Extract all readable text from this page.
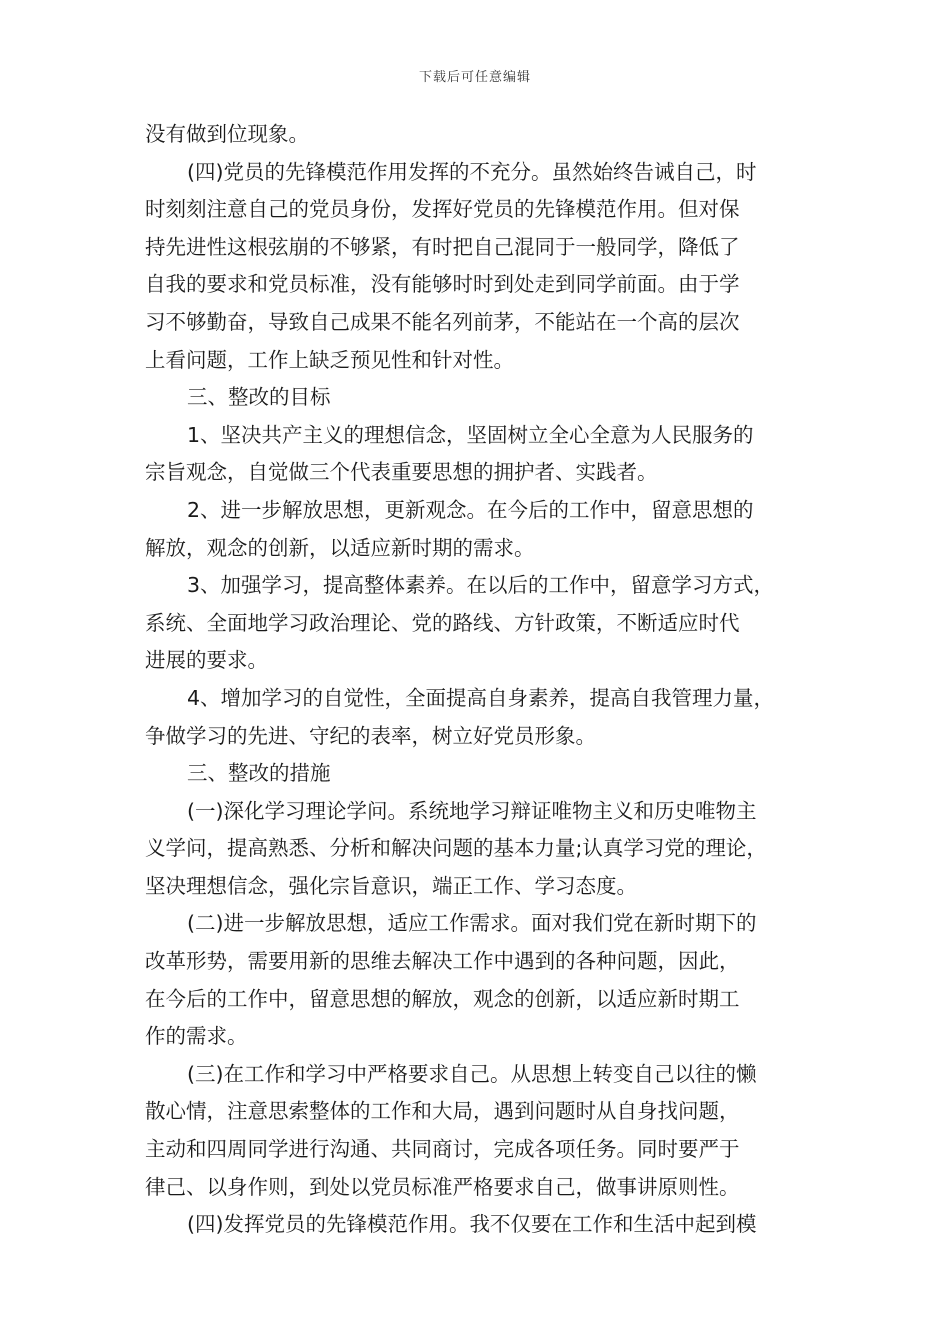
下载后可任意编辑
没有做到位现象。
(四)党员的先锋模范作用发挥的不充分。虽然始终告诫自己，时
时刻刻注意自己的党员身份，发挥好党员的先锋模范作用。但对保
持先进性这根弦崩的不够紧，有时把自己混同于一般同学，降低了
自我的要求和党员标准，没有能够时时到处走到同学前面。由于学
习不够勤奋，导致自己成果不能名列前茅，不能站在一个高的层次
上看问题，工作上缺乏预见性和针对性。
三、整改的目标
1、坚决共产主义的理想信念，坚固树立全心全意为人民服务的
宗旨观念，自觉做三个代表重要思想的拥护者、实践者。
2、进一步解放思想，更新观念。在今后的工作中，留意思想的
解放，观念的创新，以适应新时期的需求。
3、加强学习，提高整体素养。在以后的工作中，留意学习方式，
系统、全面地学习政治理论、党的路线、方针政策，不断适应时代
进展的要求。
4、增加学习的自觉性，全面提高自身素养，提高自我管理力量，
争做学习的先进、守纪的表率，树立好党员形象。
三、整改的措施
(一)深化学习理论学问。系统地学习辩证唯物主义和历史唯物主
义学问，提高熟悉、分析和解决问题的基本力量;认真学习党的理论，
坚决理想信念，强化宗旨意识，端正工作、学习态度。
(二)进一步解放思想，适应工作需求。面对我们党在新时期下的
改革形势，需要用新的思维去解决工作中遇到的各种问题，因此，
在今后的工作中，留意思想的解放，观念的创新，以适应新时期工
作的需求。
(三)在工作和学习中严格要求自己。从思想上转变自己以往的懒
散心情，注意思索整体的工作和大局，遇到问题时从自身找问题，
主动和四周同学进行沟通、共同商讨，完成各项任务。同时要严于
律己、以身作则，到处以党员标准严格要求自己，做事讲原则性。
(四)发挥党员的先锋模范作用。我不仅要在工作和生活中起到模
